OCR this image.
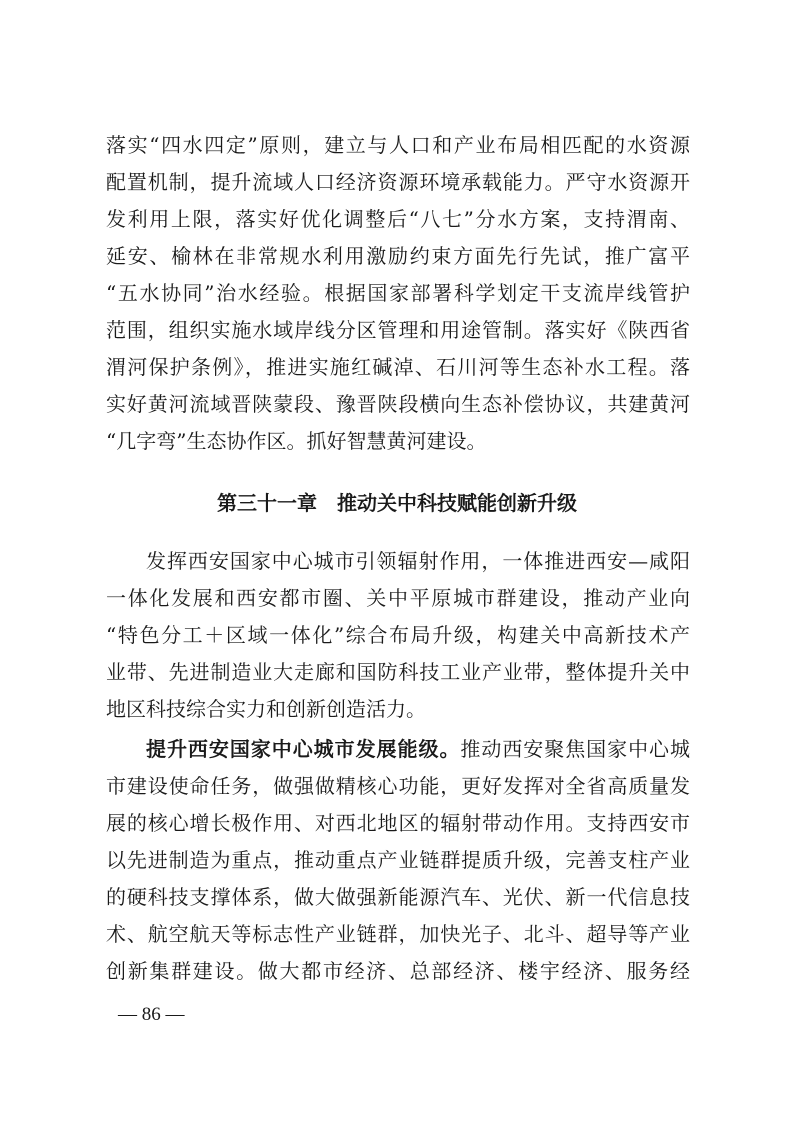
落实“四水四定”原则，建立与人口和产业布局相匹配的水资源
配置机制，提升流域人口经济资源环境承载能力。严守水资源开
发利用上限，落实好优化调整后“八七”分水方案，支持渭南、
延安、榆林在非常规水利用激励约束方面先行先试，推广富平
“五水协同”治水经验。根据国家部署科学划定干支流岸线管护
范围，组织实施水域岸线分区管理和用途管制。落实好《陕西省
渭河保护条例》，推进实施红碱淖、石川河等生态补水工程。落
实好黄河流域晋陕蒙段、豫晋陕段横向生态补偿协议，共建黄河
“几字弯”生态协作区。抓好智慧黄河建设。
第三十一章　推动关中科技赋能创新升级
发挥西安国家中心城市引领辐射作用，一体推进西安—咸阳
一体化发展和西安都市圈、关中平原城市群建设，推动产业向
“特色分工＋区域一体化”综合布局升级，构建关中高新技术产
业带、先进制造业大走廊和国防科技工业产业带，整体提升关中
地区科技综合实力和创新创造活力。
提升西安国家中心城市发展能级。推动西安聚焦国家中心城
市建设使命任务，做强做精核心功能，更好发挥对全省高质量发
展的核心增长极作用、对西北地区的辐射带动作用。支持西安市
以先进制造为重点，推动重点产业链群提质升级，完善支柱产业
的硬科技支撑体系，做大做强新能源汽车、光伏、新一代信息技
术、航空航天等标志性产业链群，加快光子、北斗、超导等产业
创新集群建设。做大都市经济、总部经济、楼宇经济、服务经
— 86 —
